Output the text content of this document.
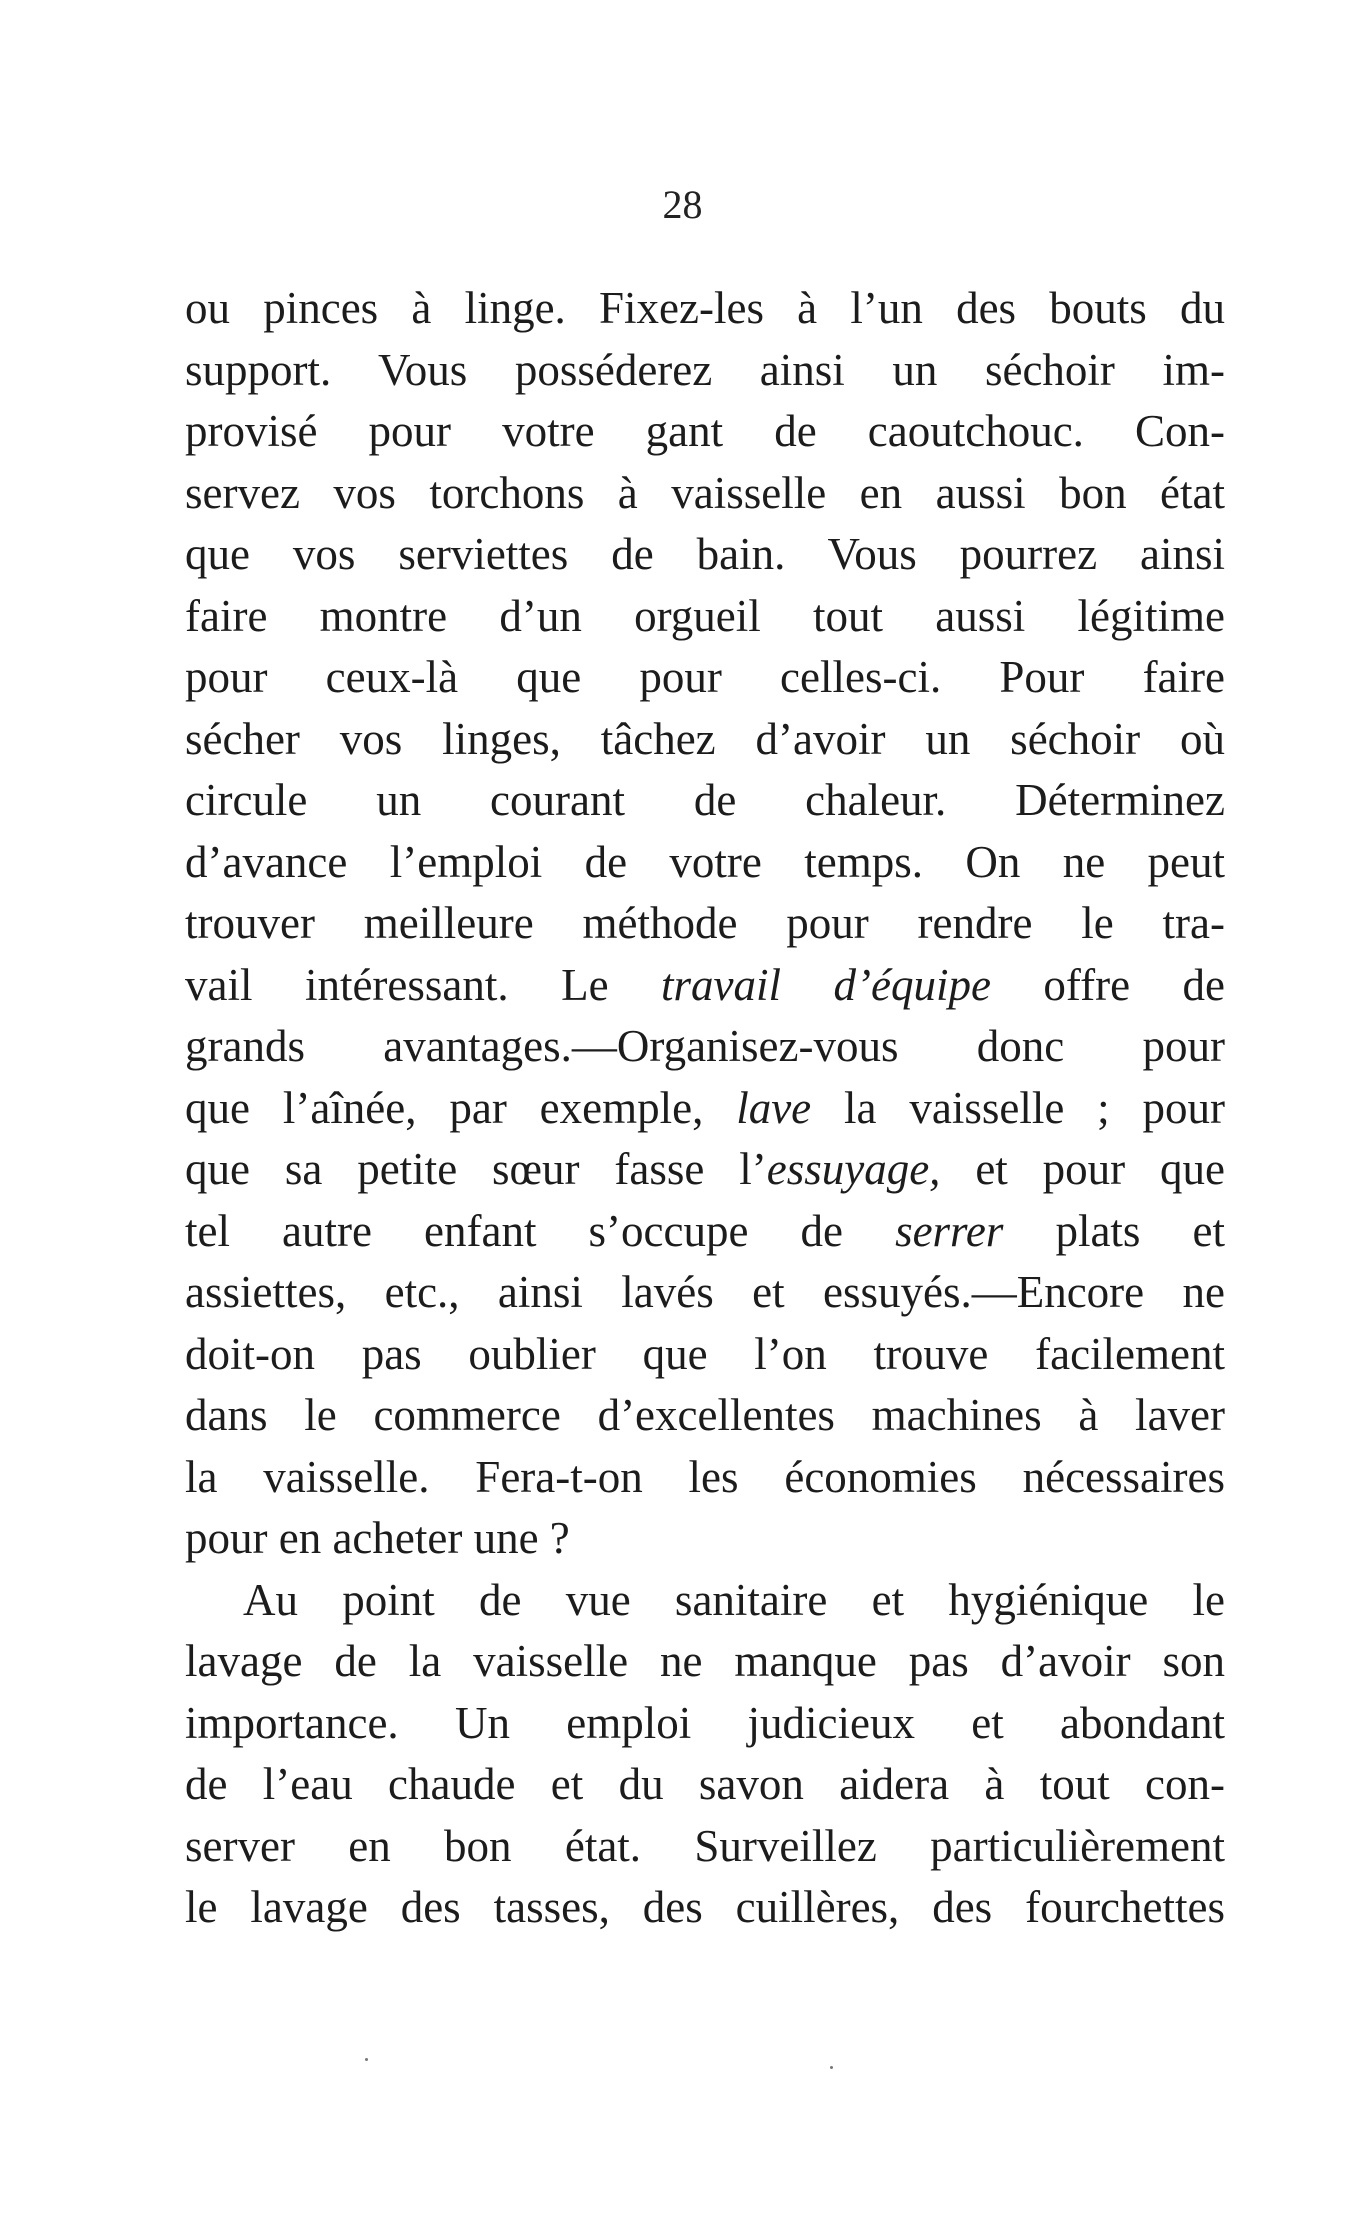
28
ou pinces à linge. Fixez-les à l’un des bouts du
support. Vous posséderez ainsi un séchoir im-
provisé pour votre gant de caoutchouc. Con-
servez vos torchons à vaisselle en aussi bon état
que vos serviettes de bain. Vous pourrez ainsi
faire montre d’un orgueil tout aussi légitime
pour ceux-là que pour celles-ci. Pour faire
sécher vos linges, tâchez d’avoir un séchoir où
circule un courant de chaleur. Déterminez
d’avance l’emploi de votre temps. On ne peut
trouver meilleure méthode pour rendre le tra-
vail intéressant. Le travail d’équipe offre de
grands avantages.—Organisez-vous donc pour
que l’aînée, par exemple, lave la vaisselle ; pour
que sa petite sœur fasse l’essuyage, et pour que
tel autre enfant s’occupe de serrer plats et
assiettes, etc., ainsi lavés et essuyés.—Encore ne
doit-on pas oublier que l’on trouve facilement
dans le commerce d’excellentes machines à laver
la vaisselle. Fera-t-on les économies nécessaires
pour en acheter une ?
Au point de vue sanitaire et hygiénique le
lavage de la vaisselle ne manque pas d’avoir son
importance. Un emploi judicieux et abondant
de l’eau chaude et du savon aidera à tout con-
server en bon état. Surveillez particulièrement
le lavage des tasses, des cuillères, des fourchettes
